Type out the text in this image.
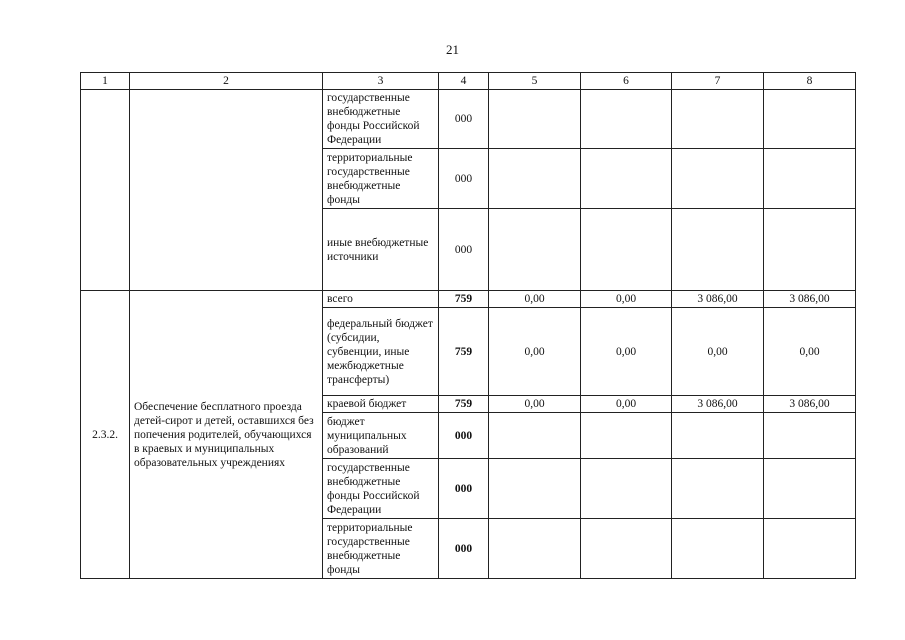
21
1	2	3	4	5	6	7	8
		государственные внебюджетные фонды Российской Федерации	000				
		территориальные государственные внебюджетные фонды	000				
		иные внебюджетные источники	000				
2.3.2.	Обеспечение бесплатного проезда детей-сирот и детей, оставшихся без попечения родителей, обучающихся в краевых и муниципальных образовательных учреждениях	всего	759	0,00	0,00	3 086,00	3 086,00
		федеральный бюджет (субсидии, субвенции, иные межбюджетные трансферты)	759	0,00	0,00	0,00	0,00
		краевой бюджет	759	0,00	0,00	3 086,00	3 086,00
		бюджет муниципальных образований	000				
		государственные внебюджетные фонды Российской Федерации	000				
		территориальные государственные внебюджетные фонды	000				
